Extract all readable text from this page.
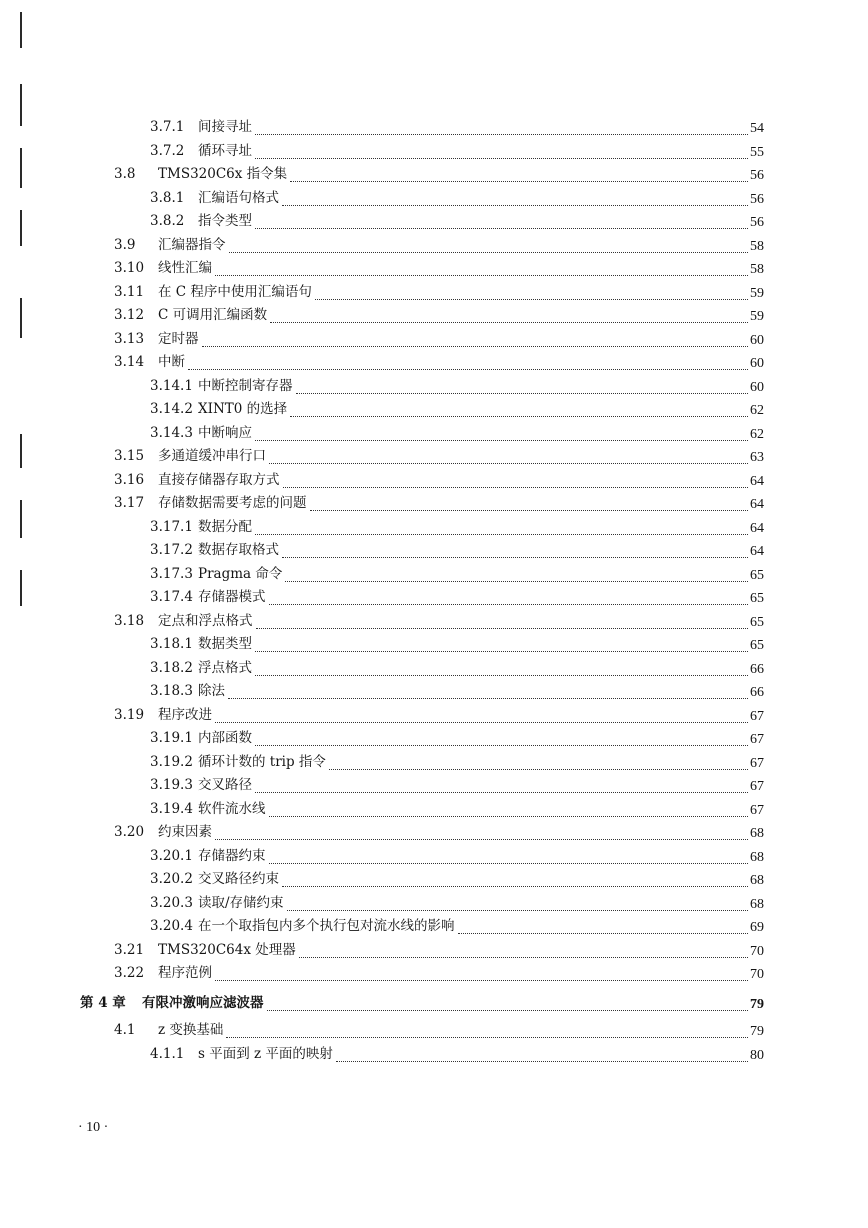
3.7.1 间接寻址	54
3.7.2 循环寻址	55
3.8 TMS320C6x 指令集	56
3.8.1 汇编语句格式	56
3.8.2 指令类型	56
3.9 汇编器指令	58
3.10 线性汇编	58
3.11 在 C 程序中使用汇编语句	59
3.12 C 可调用汇编函数	59
3.13 定时器	60
3.14 中断	60
3.14.1 中断控制寄存器	60
3.14.2 XINT0 的选择	62
3.14.3 中断响应	62
3.15 多通道缓冲串行口	63
3.16 直接存储器存取方式	64
3.17 存储数据需要考虑的问题	64
3.17.1 数据分配	64
3.17.2 数据存取格式	64
3.17.3 Pragma 命令	65
3.17.4 存储器模式	65
3.18 定点和浮点格式	65
3.18.1 数据类型	65
3.18.2 浮点格式	66
3.18.3 除法	66
3.19 程序改进	67
3.19.1 内部函数	67
3.19.2 循环计数的 trip 指令	67
3.19.3 交叉路径	67
3.19.4 软件流水线	67
3.20 约束因素	68
3.20.1 存储器约束	68
3.20.2 交叉路径约束	68
3.20.3 读取/存储约束	68
3.20.4 在一个取指包内多个执行包对流水线的影响	69
3.21 TMS320C64x 处理器	70
3.22 程序范例	70
第 4 章 有限冲激响应滤波器	79
4.1 z 变换基础	79
4.1.1 s 平面到 z 平面的映射	80
· 10 ·
